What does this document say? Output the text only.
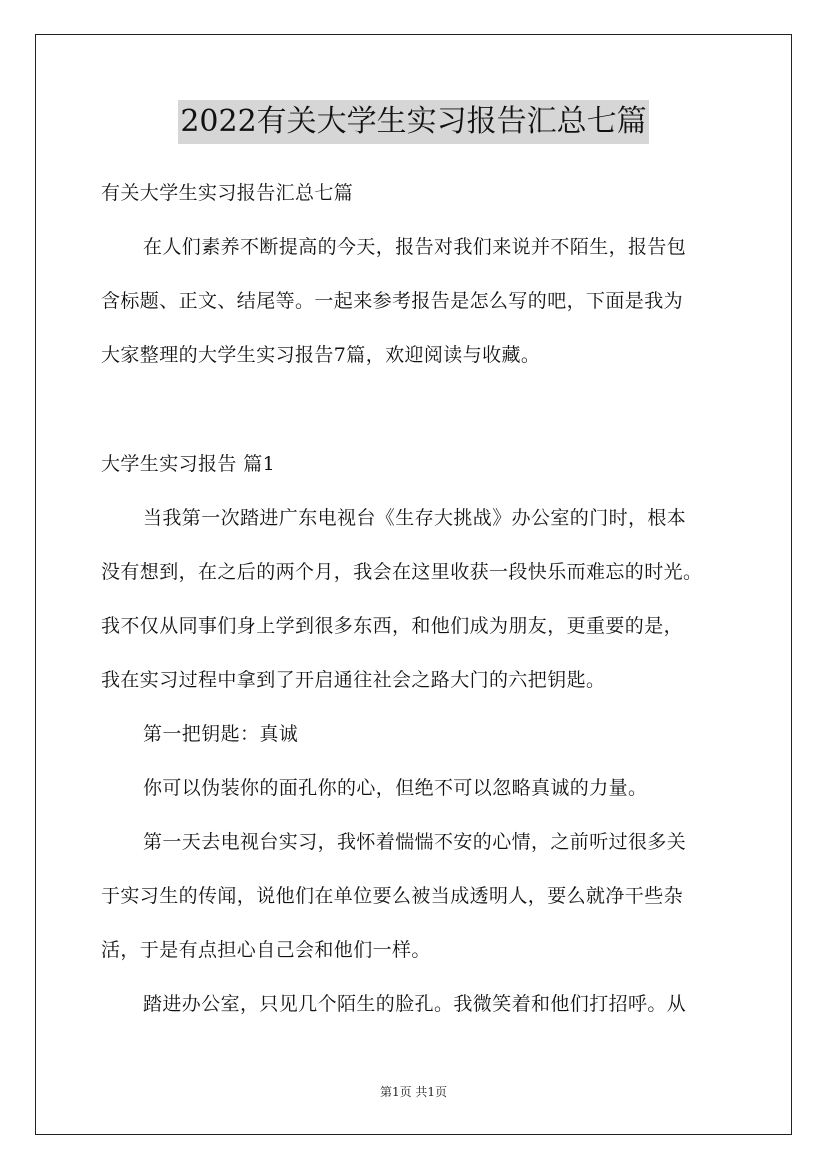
2022有关大学生实习报告汇总七篇
有关大学生实习报告汇总七篇
在人们素养不断提高的今天，报告对我们来说并不陌生，报告包
含标题、正文、结尾等。一起来参考报告是怎么写的吧，下面是我为
大家整理的大学生实习报告7篇，欢迎阅读与收藏。
大学生实习报告 篇1
当我第一次踏进广东电视台《生存大挑战》办公室的门时，根本
没有想到，在之后的两个月，我会在这里收获一段快乐而难忘的时光。
我不仅从同事们身上学到很多东西，和他们成为朋友，更重要的是，
我在实习过程中拿到了开启通往社会之路大门的六把钥匙。
第一把钥匙：真诚
你可以伪装你的面孔你的心，但绝不可以忽略真诚的力量。
第一天去电视台实习，我怀着惴惴不安的心情，之前听过很多关
于实习生的传闻，说他们在单位要么被当成透明人，要么就净干些杂
活，于是有点担心自己会和他们一样。
踏进办公室，只见几个陌生的脸孔。我微笑着和他们打招呼。从
第1页 共1页
